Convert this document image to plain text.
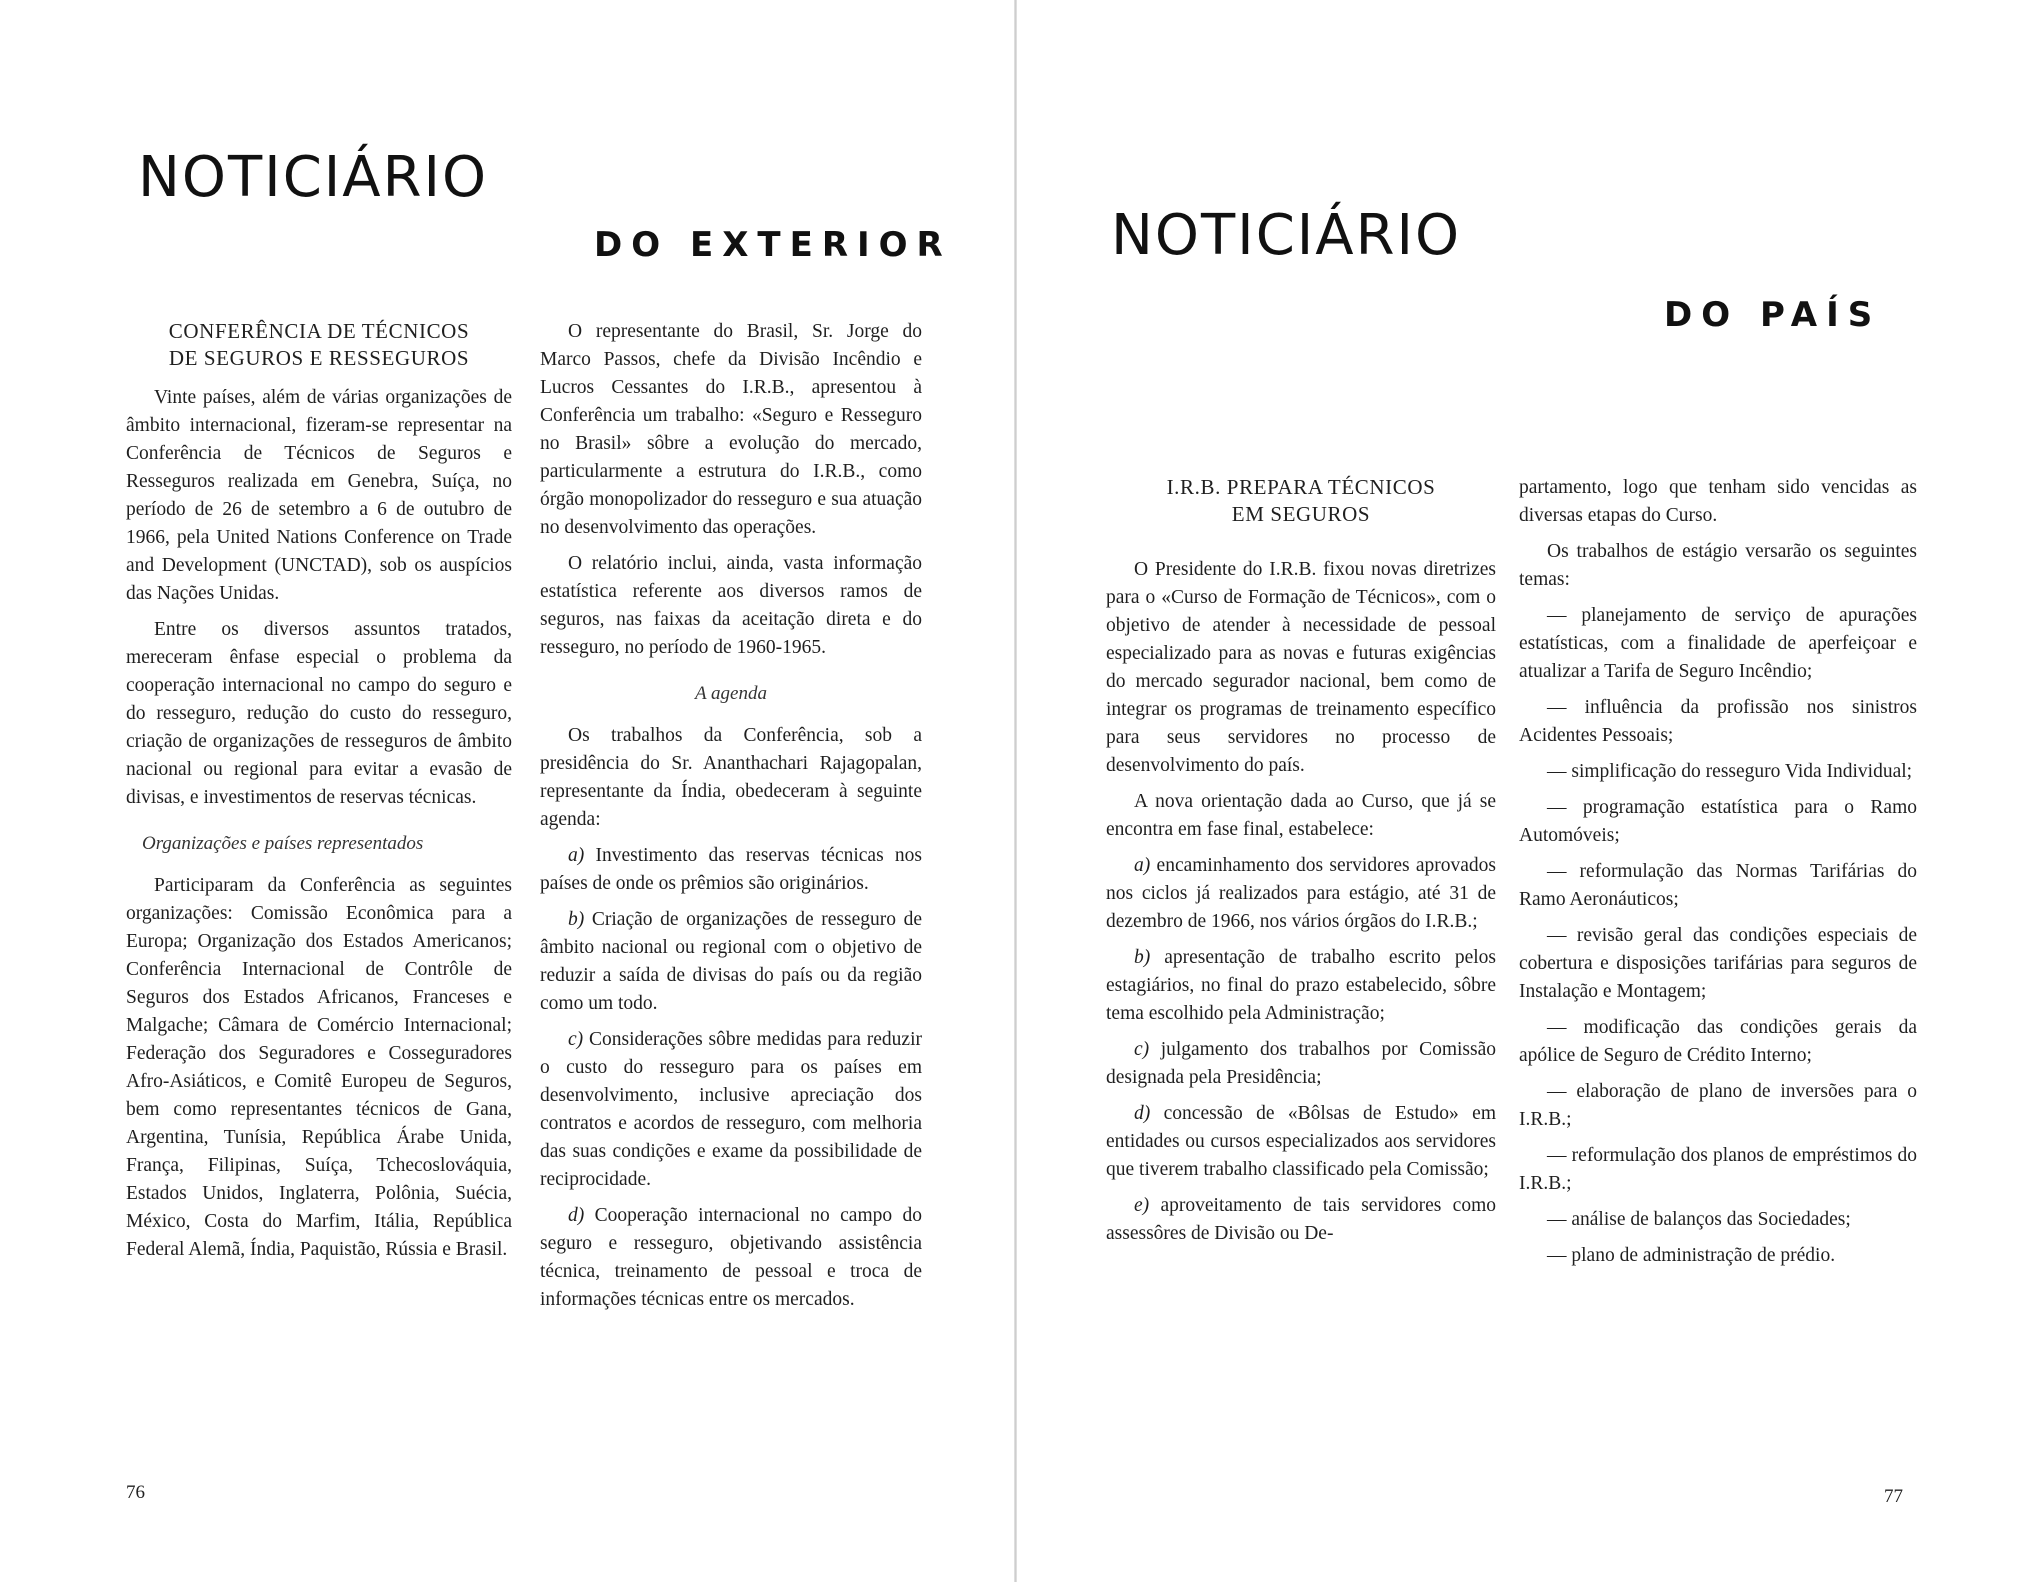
NOTICIÁRIO
DO EXTERIOR
CONFERÊNCIA DE TÉCNICOS
DE SEGUROS E RESSEGUROS

Vinte países, além de várias organizações de âmbito internacional, fizeram-se representar na Conferência de Técnicos de Seguros e Resseguros realizada em Genebra, Suíça, no período de 26 de setembro a 6 de outubro de 1966, pela United Nations Conference on Trade and Development (UNCTAD), sob os auspícios das Nações Unidas.

Entre os diversos assuntos tratados, mereceram ênfase especial o problema da cooperação internacional no campo do seguro e do resseguro, redução do custo do resseguro, criação de organizações de resseguros de âmbito nacional ou regional para evitar a evasão de divisas, e investimentos de reservas técnicas.

Organizações e países representados

Participaram da Conferência as seguintes organizações: Comissão Econômica para a Europa; Organização dos Estados Americanos; Conferência Internacional de Contrôle de Seguros dos Estados Africanos, Franceses e Malgache; Câmara de Comércio Internacional; Federação dos Seguradores e Cosseguradores Afro-Asiáticos, e Comitê Europeu de Seguros, bem como representantes técnicos de Gana, Argentina, Tunísia, República Árabe Unida, França, Filipinas, Suíça, Tchecoslováquia, Estados Unidos, Inglaterra, Polônia, Suécia, México, Costa do Marfim, Itália, República Federal Alemã, Índia, Paquistão, Rússia e Brasil.

O representante do Brasil, Sr. Jorge do Marco Passos, chefe da Divisão Incêndio e Lucros Cessantes do I.R.B., apresentou à Conferência um trabalho: «Seguro e Resseguro no Brasil» sôbre a evolução do mercado, particularmente a estrutura do I.R.B., como órgão monopolizador do resseguro e sua atuação no desenvolvimento das operações.

O relatório inclui, ainda, vasta informação estatística referente aos diversos ramos de seguros, nas faixas da aceitação direta e do resseguro, no período de 1960-1965.

A agenda

Os trabalhos da Conferência, sob a presidência do Sr. Ananthachari Rajagopalan, representante da Índia, obedeceram à seguinte agenda:

a) Investimento das reservas técnicas nos países de onde os prêmios são originários.

b) Criação de organizações de resseguro de âmbito nacional ou regional com o objetivo de reduzir a saída de divisas do país ou da região como um todo.

c) Considerações sôbre medidas para reduzir o custo do resseguro para os países em desenvolvimento, inclusive apreciação dos contratos e acordos de resseguro, com melhoria das suas condições e exame da possibilidade de reciprocidade.

d) Cooperação internacional no campo do seguro e resseguro, objetivando assistência técnica, treinamento de pessoal e troca de informações técnicas entre os mercados.

76
NOTICIÁRIO
DO PAÍS
I.R.B. PREPARA TÉCNICOS
EM SEGUROS

O Presidente do I.R.B. fixou novas diretrizes para o «Curso de Formação de Técnicos», com o objetivo de atender à necessidade de pessoal especializado para as novas e futuras exigências do mercado segurador nacional, bem como de integrar os programas de treinamento específico para seus servidores no processo de desenvolvimento do país.

A nova orientação dada ao Curso, que já se encontra em fase final, estabelece:

a) encaminhamento dos servidores aprovados nos ciclos já realizados para estágio, até 31 de dezembro de 1966, nos vários órgãos do I.R.B.;

b) apresentação de trabalho escrito pelos estagiários, no final do prazo estabelecido, sôbre tema escolhido pela Administração;

c) julgamento dos trabalhos por Comissão designada pela Presidência;

d) concessão de «Bôlsas de Estudo» em entidades ou cursos especializados aos servidores que tiverem trabalho classificado pela Comissão;

e) aproveitamento de tais servidores como assessôres de Divisão ou De-

partamento, logo que tenham sido vencidas as diversas etapas do Curso.

Os trabalhos de estágio versarão os seguintes temas:

— planejamento de serviço de apurações estatísticas, com a finalidade de aperfeiçoar e atualizar a Tarifa de Seguro Incêndio;

— influência da profissão nos sinistros Acidentes Pessoais;

— simplificação do resseguro Vida Individual;

— programação estatística para o Ramo Automóveis;

— reformulação das Normas Tarifárias do Ramo Aeronáuticos;

— revisão geral das condições especiais de cobertura e disposições tarifárias para seguros de Instalação e Montagem;

— modificação das condições gerais da apólice de Seguro de Crédito Interno;

— elaboração de plano de inversões para o I.R.B.;

— reformulação dos planos de empréstimos do I.R.B.;

— análise de balanços das Sociedades;

— plano de administração de prédio.

77
